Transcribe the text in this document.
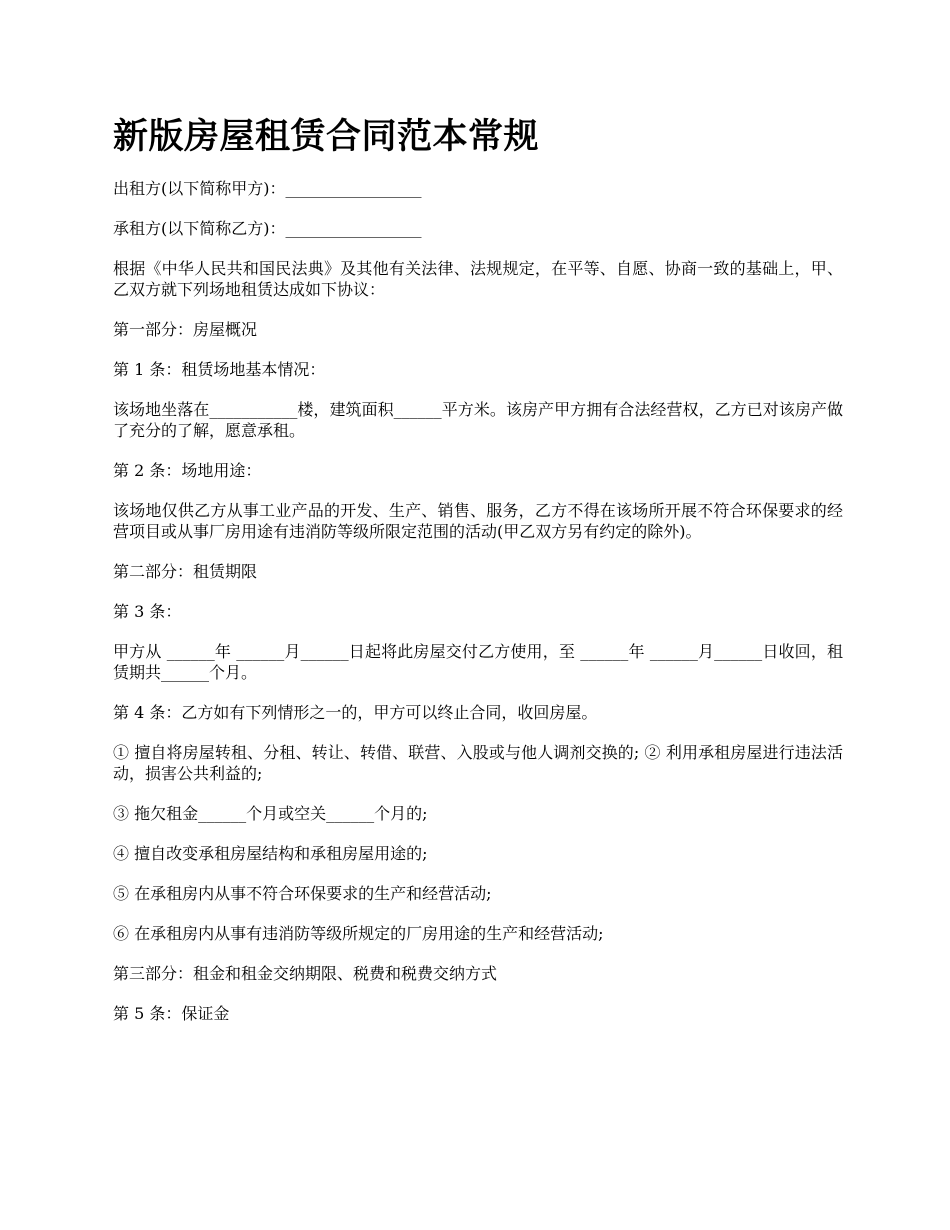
新版房屋租赁合同范本常规

出租方(以下简称甲方)：_________________

承租方(以下简称乙方)：_________________

根据《中华人民共和国民法典》及其他有关法律、法规规定，在平等、自愿、协商一致的基础上，甲、乙双方就下列场地租赁达成如下协议：

第一部分：房屋概况

第 1 条：租赁场地基本情况：

该场地坐落在___________楼，建筑面积______平方米。该房产甲方拥有合法经营权，乙方已对该房产做了充分的了解，愿意承租。

第 2 条：场地用途：

该场地仅供乙方从事工业产品的开发、生产、销售、服务，乙方不得在该场所开展不符合环保要求的经营项目或从事厂房用途有违消防等级所限定范围的活动(甲乙双方另有约定的除外)。

第二部分：租赁期限

第 3 条：

甲方从 ______年 ______月______日起将此房屋交付乙方使用，至 ______年 ______月______日收回，租赁期共______个月。

第 4 条：乙方如有下列情形之一的，甲方可以终止合同，收回房屋。

① 擅自将房屋转租、分租、转让、转借、联营、入股或与他人调剂交换的; ② 利用承租房屋进行违法活动，损害公共利益的;

③ 拖欠租金______个月或空关______个月的;

④ 擅自改变承租房屋结构和承租房屋用途的;

⑤ 在承租房内从事不符合环保要求的生产和经营活动;

⑥ 在承租房内从事有违消防等级所规定的厂房用途的生产和经营活动;

第三部分：租金和租金交纳期限、税费和税费交纳方式

第 5 条：保证金
